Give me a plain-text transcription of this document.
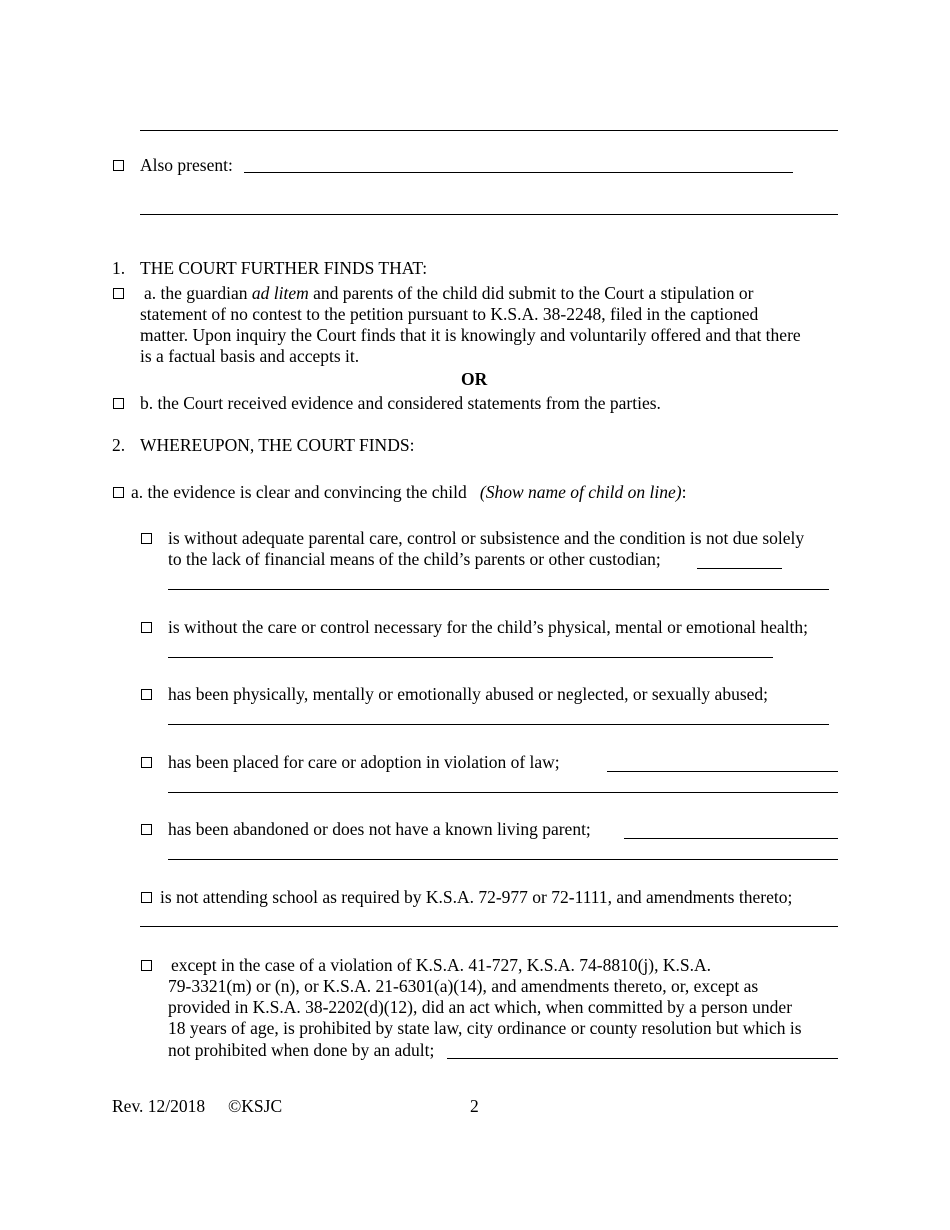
Also present:
1. THE COURT FURTHER FINDS THAT:
a. the guardian ad litem and parents of the child did submit to the Court a stipulation or
statement of no contest to the petition pursuant to K.S.A. 38-2248, filed in the captioned
matter. Upon inquiry the Court finds that it is knowingly and voluntarily offered and that there
is a factual basis and accepts it.
OR
b. the Court received evidence and considered statements from the parties.
2. WHEREUPON, THE COURT FINDS:
a. the evidence is clear and convincing the child (Show name of child on line):
is without adequate parental care, control or subsistence and the condition is not due solely
to the lack of financial means of the child’s parents or other custodian;
is without the care or control necessary for the child’s physical, mental or emotional health;
has been physically, mentally or emotionally abused or neglected, or sexually abused;
has been placed for care or adoption in violation of law;
has been abandoned or does not have a known living parent;
is not attending school as required by K.S.A. 72-977 or 72-1111, and amendments thereto;
except in the case of a violation of K.S.A. 41-727, K.S.A. 74-8810(j), K.S.A.
79-3321(m) or (n), or K.S.A. 21-6301(a)(14), and amendments thereto, or, except as
provided in K.S.A. 38-2202(d)(12), did an act which, when committed by a person under
18 years of age, is prohibited by state law, city ordinance or county resolution but which is
not prohibited when done by an adult;
Rev. 12/2018 ©KSJC	2
